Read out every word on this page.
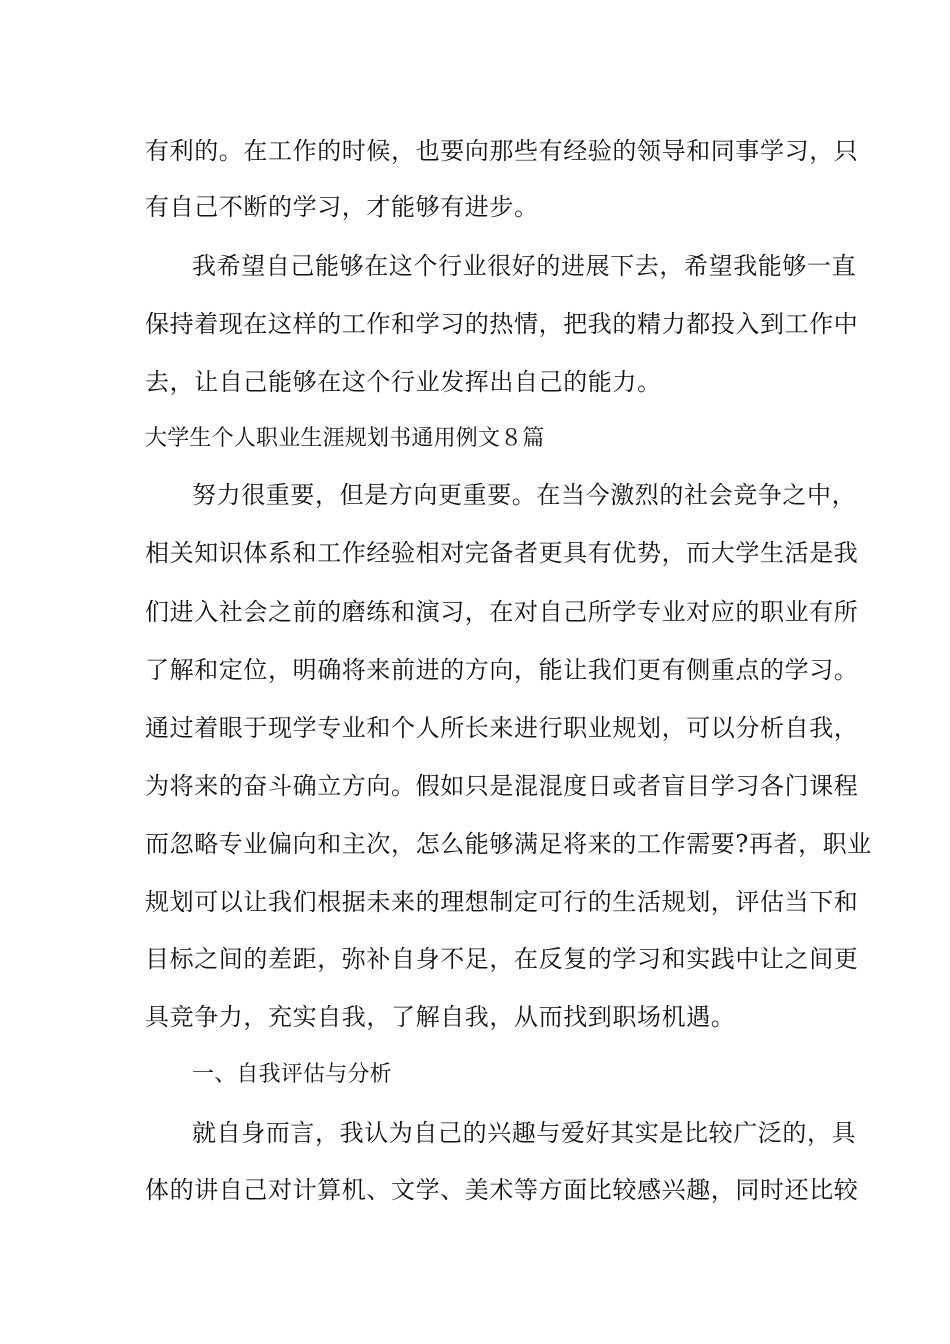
有利的。在工作的时候，也要向那些有经验的领导和同事学习，只
有自己不断的学习，才能够有进步。
我希望自己能够在这个行业很好的进展下去，希望我能够一直
保持着现在这样的工作和学习的热情，把我的精力都投入到工作中
去，让自己能够在这个行业发挥出自己的能力。
大学生个人职业生涯规划书通用例文８篇
努力很重要，但是方向更重要。在当今激烈的社会竞争之中，
相关知识体系和工作经验相对完备者更具有优势，而大学生活是我
们进入社会之前的磨练和演习，在对自己所学专业对应的职业有所
了解和定位，明确将来前进的方向，能让我们更有侧重点的学习。
通过着眼于现学专业和个人所长来进行职业规划，可以分析自我，
为将来的奋斗确立方向。假如只是混混度日或者盲目学习各门课程
而忽略专业偏向和主次，怎么能够满足将来的工作需要?再者，职业
规划可以让我们根据未来的理想制定可行的生活规划，评估当下和
目标之间的差距，弥补自身不足，在反复的学习和实践中让之间更
具竞争力，充实自我，了解自我，从而找到职场机遇。
一、自我评估与分析
就自身而言，我认为自己的兴趣与爱好其实是比较广泛的，具
体的讲自己对计算机、文学、美术等方面比较感兴趣，同时还比较
